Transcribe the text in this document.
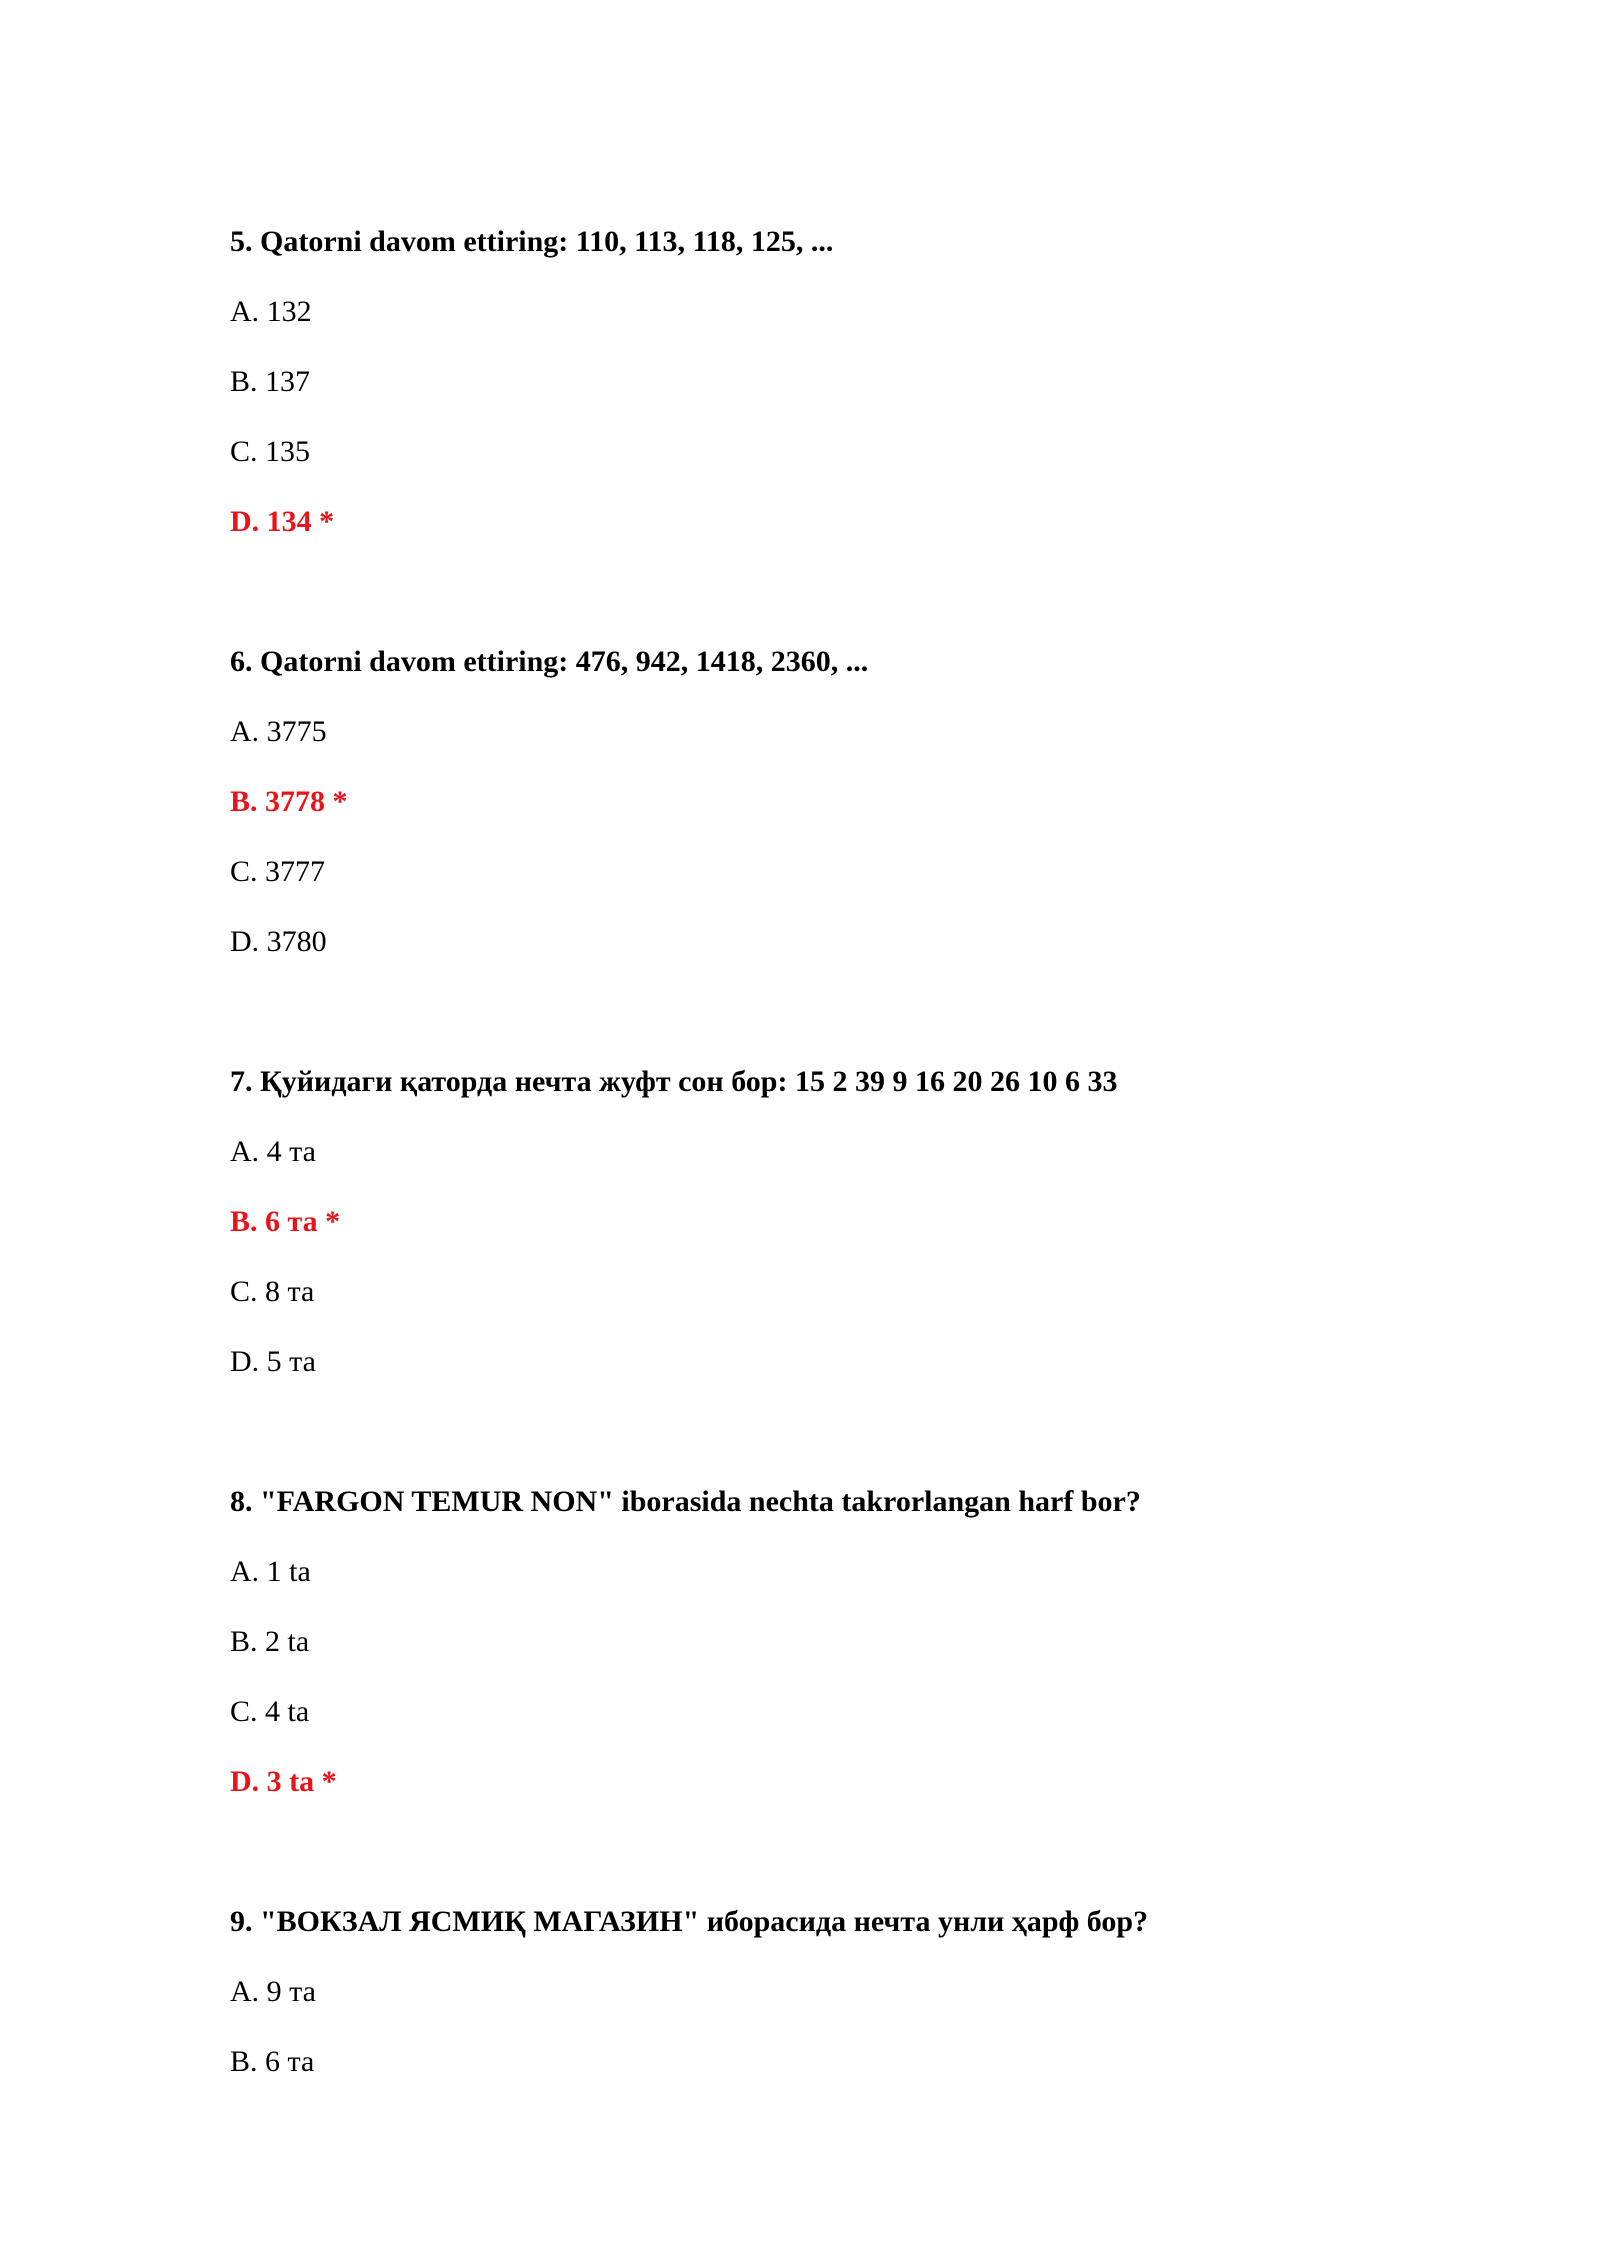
5. Qatorni davom ettiring: 110, 113, 118, 125, ...
A. 132
B. 137
C. 135
D. 134 *
6. Qatorni davom ettiring: 476, 942, 1418, 2360, ...
A. 3775
B. 3778 *
C. 3777
D. 3780
7. Қуйидаги қаторда нечта жуфт сон бор: 15 2 39 9 16 20 26 10 6 33
A. 4 та
B. 6 та *
C. 8 та
D. 5 та
8. "FARGON TEMUR NON" iborasida nechta takrorlangan harf bor?
A. 1 ta
B. 2 ta
C. 4 ta
D. 3 ta *
9. "ВОКЗАЛ ЯСМИҚ МАГАЗИН" иборасида нечта унли ҳарф бор?
A. 9 та
B. 6 та
